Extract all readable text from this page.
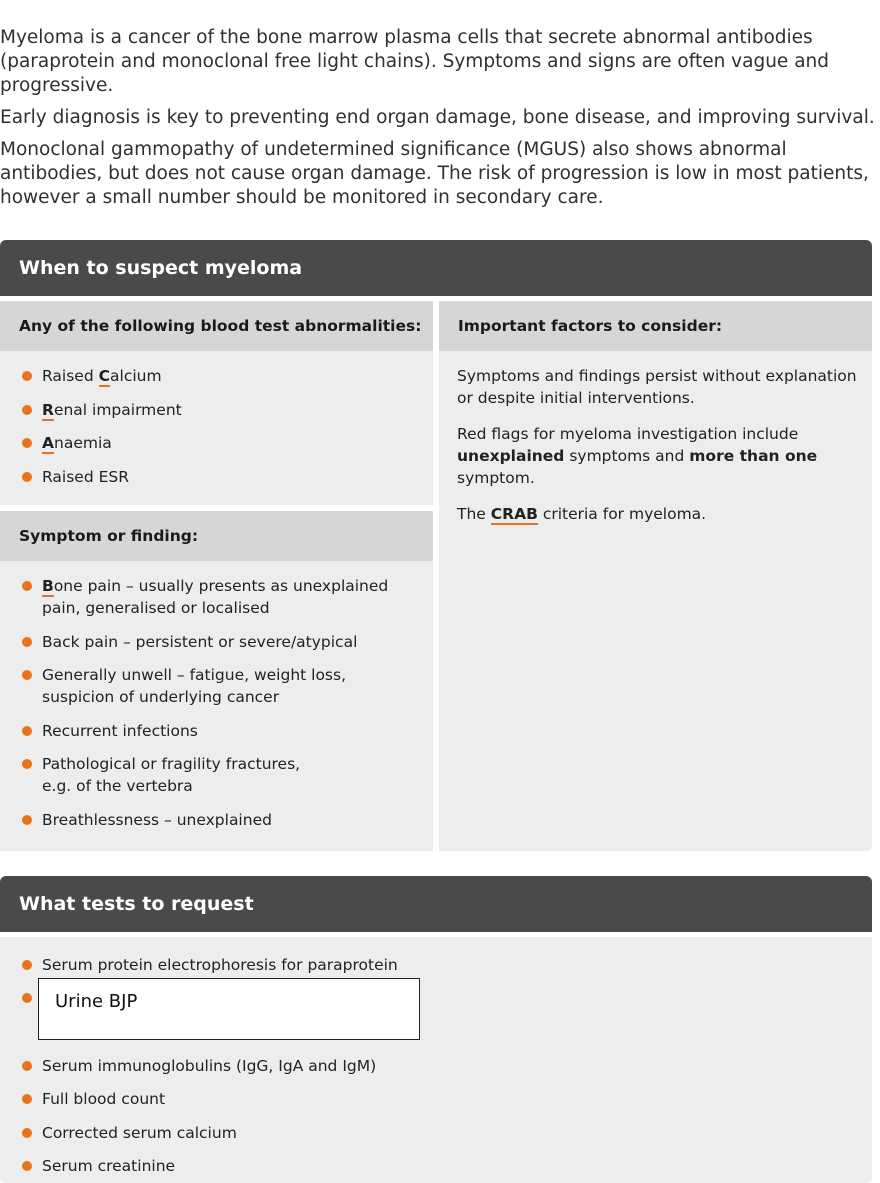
Myeloma is a cancer of the bone marrow plasma cells that secrete abnormal antibodies (paraprotein and monoclonal free light chains). Symptoms and signs are often vague and progressive.

Early diagnosis is key to preventing end organ damage, bone disease, and improving survival.

Monoclonal gammopathy of undetermined significance (MGUS) also shows abnormal antibodies, but does not cause organ damage. The risk of progression is low in most patients, however a small number should be monitored in secondary care.

When to suspect myeloma
Any of the following blood test abnormalities:
Raised Calcium
Renal impairment
Anaemia
Raised ESR
Symptom or finding:
Bone pain – usually presents as unexplained pain, generalised or localised
Back pain – persistent or severe/atypical
Generally unwell – fatigue, weight loss, suspicion of underlying cancer
Recurrent infections
Pathological or fragility fractures, e.g. of the vertebra
Breathlessness – unexplained
Important factors to consider:

Symptoms and findings persist without explanation or despite initial interventions.

Red flags for myeloma investigation include unexplained symptoms and more than one symptom.

The CRAB criteria for myeloma.

What tests to request
Serum protein electrophoresis for paraprotein
Serum immunoglobulins (IgG, IgA and IgM)
Full blood count
Corrected serum calcium
Serum creatinine
Urine BJP
